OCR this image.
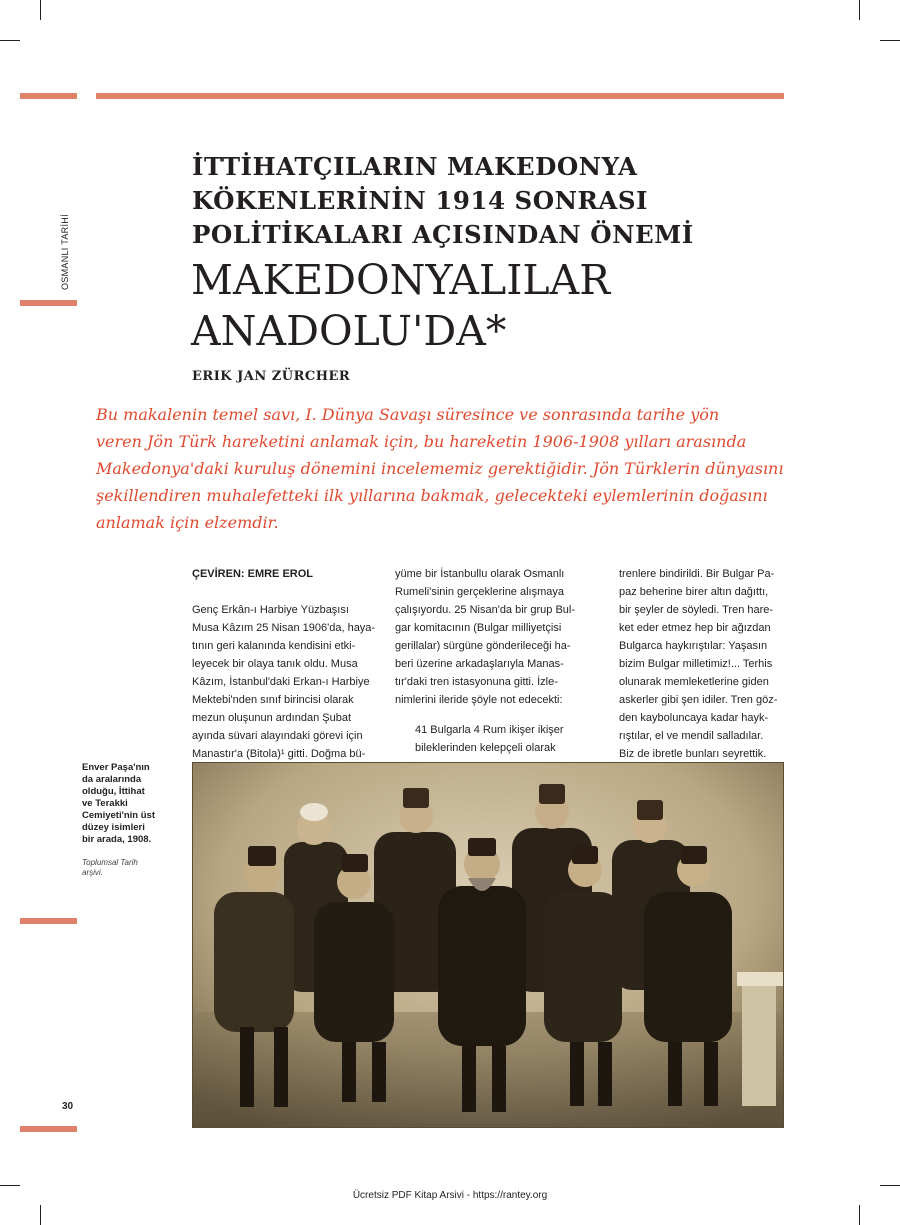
OSMANLI TARİHİ
İTTİHATÇILARIN MAKEDONYA
KÖKENLERİNİN 1914 SONRASI
POLİTİKALARI AÇISINDAN ÖNEMİ
MAKEDONYALILAR
ANADOLU'DA*
ERIK JAN ZÜRCHER

Bu makalenin temel savı, I. Dünya Savaşı süresince ve sonrasında tarihe yön
veren Jön Türk hareketini anlamak için, bu hareketin 1906-1908 yılları arasında
Makedonya'daki kuruluş dönemini incelememiz gerektiğidir. Jön Türklerin dünyasını
şekillendiren muhalefetteki ilk yıllarına bakmak, gelecekteki eylemlerinin doğasını
anlamak için elzemdir.

ÇEVİREN: EMRE EROL
Genç Erkân-ı Harbiye Yüzbaşısı
Musa Kâzım 25 Nisan 1906'da, haya-
tının geri kalanında kendisini etki-
leyecek bir olaya tanık oldu. Musa
Kâzım, İstanbul'daki Erkan-ı Harbiye
Mektebi'nden sınıf birincisi olarak
mezun oluşunun ardından Şubat
ayında süvari alayındaki görevi için
Manastır'a (Bitola)¹ gitti. Doğma bü-
yüme bir İstanbullu olarak Osmanlı
Rumeli'sinin gerçeklerine alışmaya
çalışıyordu. 25 Nisan'da bir grup Bul-
gar komitacının (Bulgar milliyetçisi
gerillalar) sürgüne gönderileceği ha-
beri üzerine arkadaşlarıyla Manas-
tır'daki tren istasyonuna gitti. İzle-
nimlerini ileride şöyle not edecekti:
41 Bulgarla 4 Rum ikişer ikişer
bileklerinden kelepçeli olarak
trenlere bindirildi. Bir Bulgar Pa-
paz beherine birer altın dağıttı,
bir şeyler de söyledi. Tren hare-
ket eder etmez hep bir ağızdan
Bulgarca haykırıştılar: Yaşasın
bizim Bulgar milletimiz!... Terhis
olunarak memleketlerine giden
askerler gibi şen idiler. Tren göz-
den kayboluncaya kadar hayk-
rıştılar, el ve mendil salladılar.
Biz de ibretle bunları seyrettik.
Enver Paşa'nın
da aralarında
olduğu, İttihat
ve Terakki
Cemiyeti'nin üst
düzey isimleri
bir arada, 1908.
Toplumsal Tarih
arşivi.
30
Ücretsiz PDF Kitap Arsivi - https://rantey.org
